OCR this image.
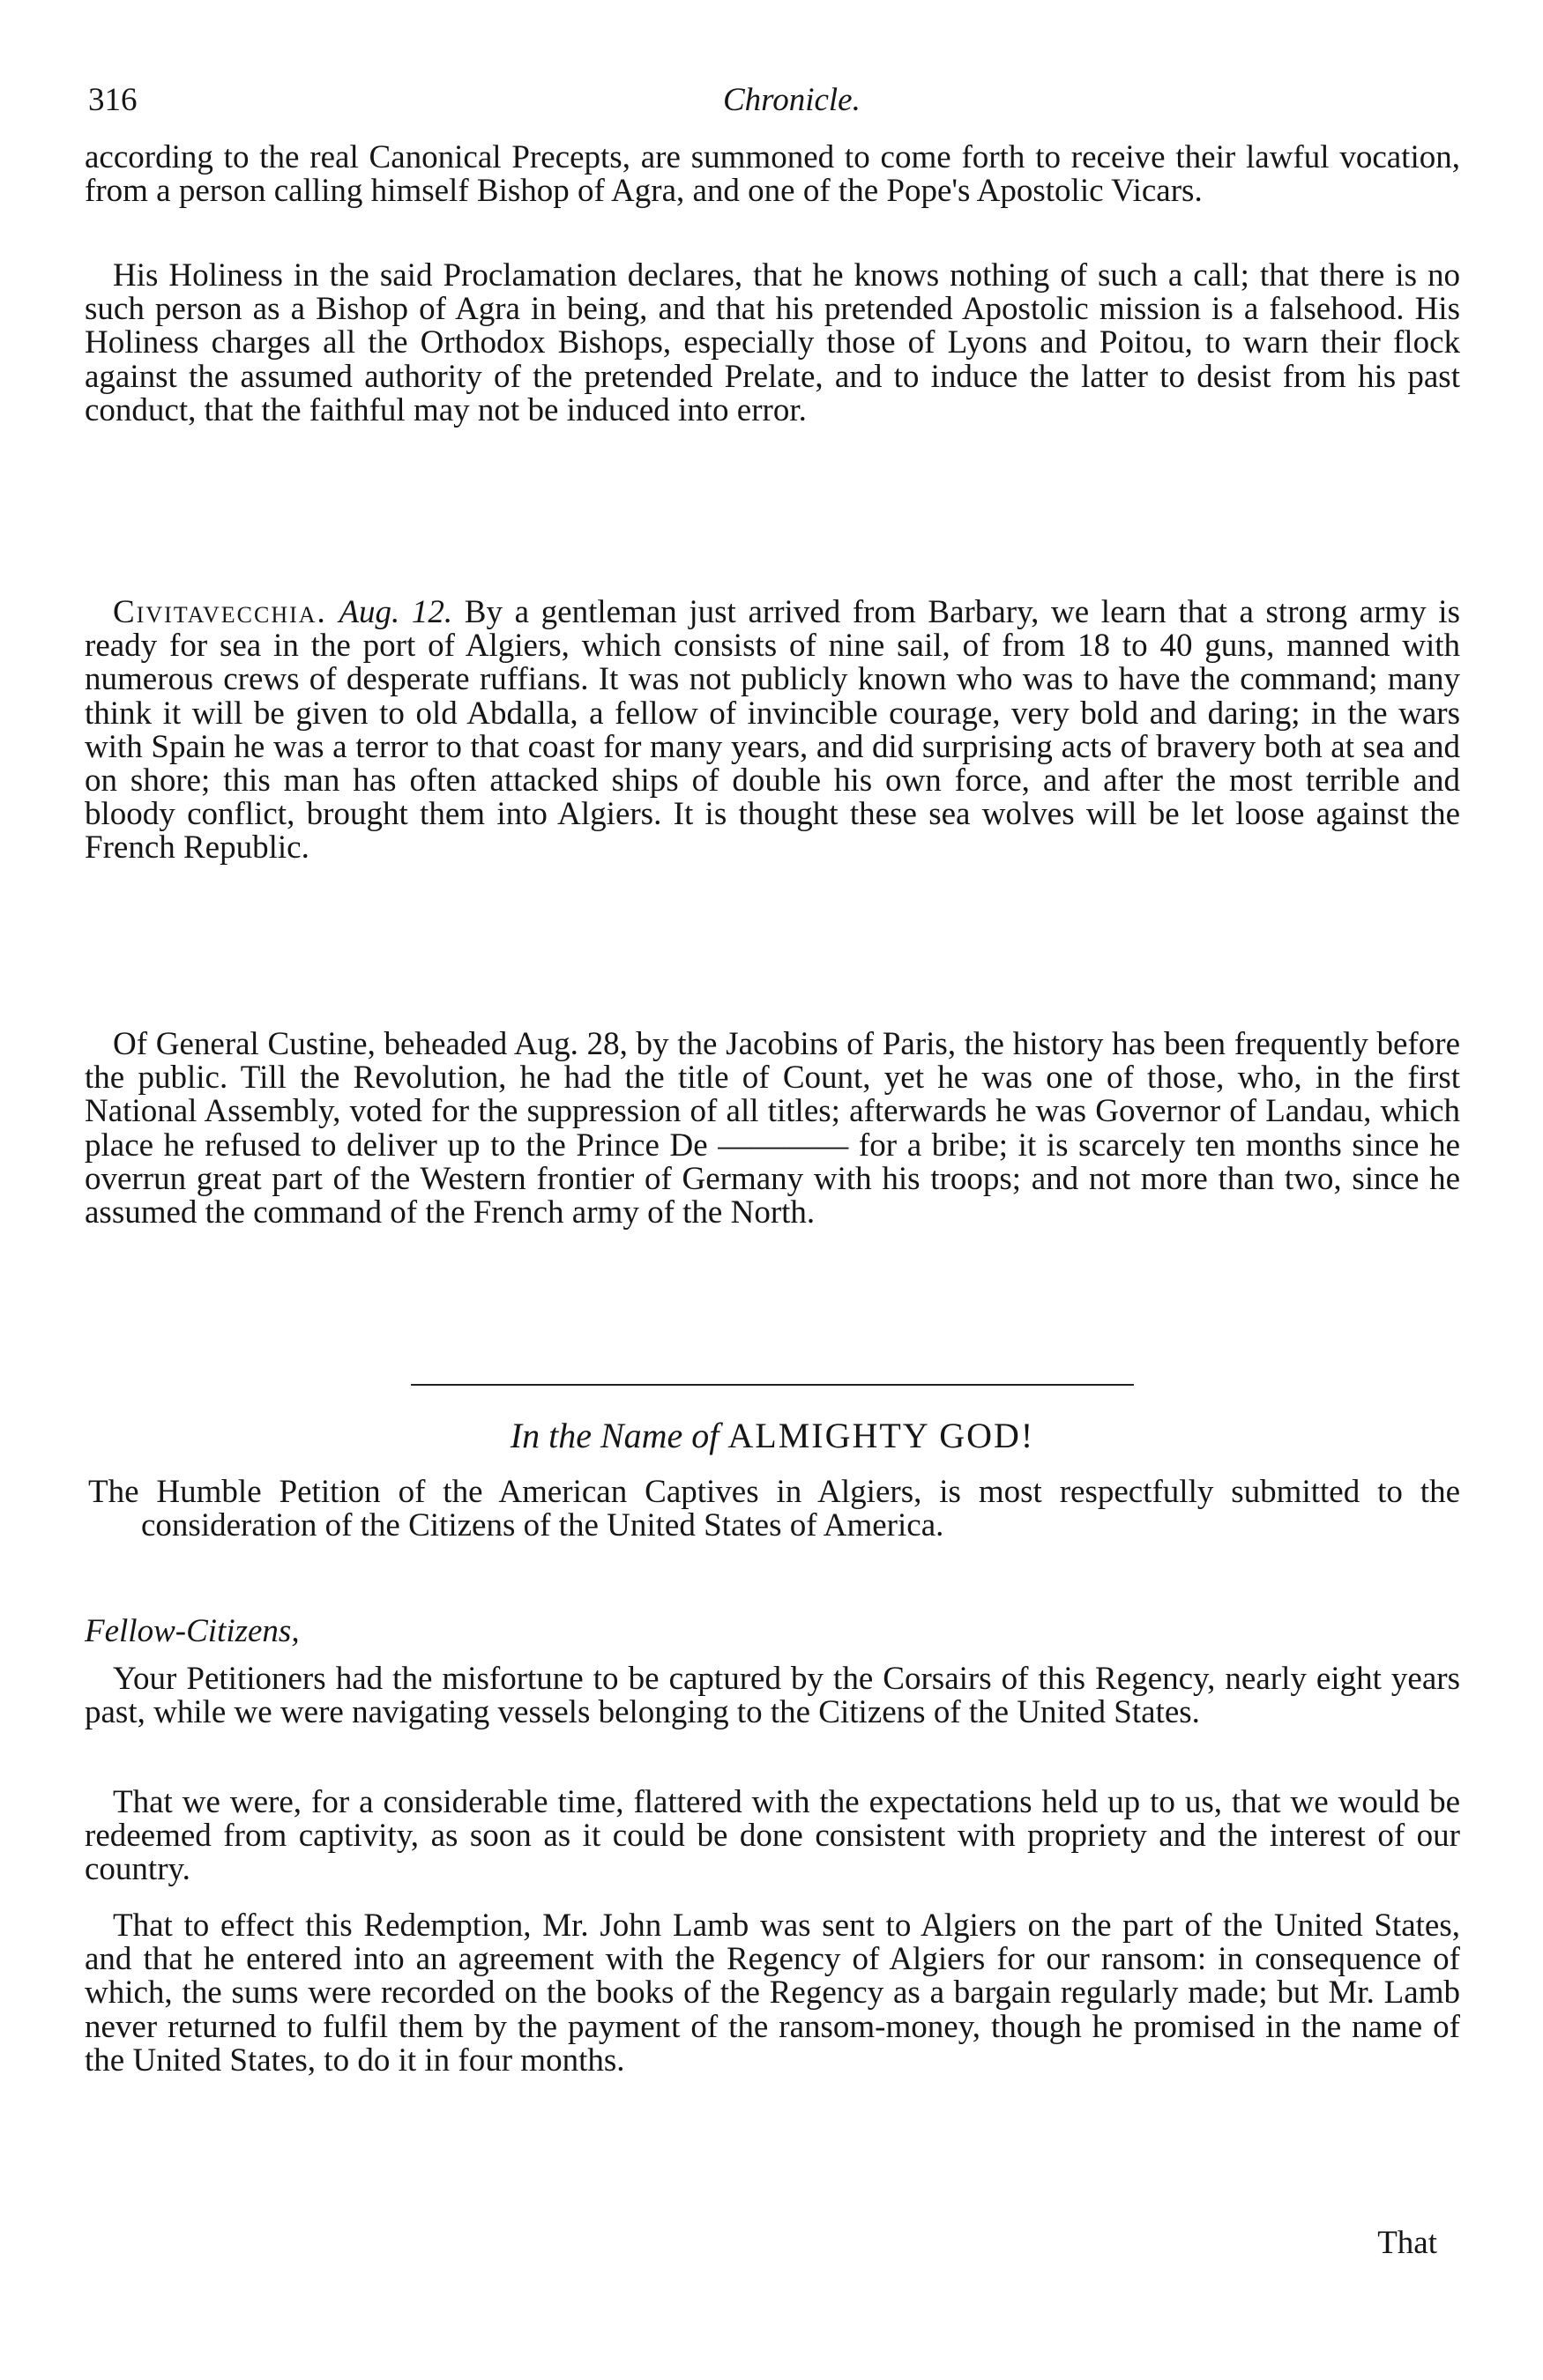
316	Chronicle.

according to the real Canonical Precepts, are summoned to come forth to receive their lawful vocation, from a person calling himself Bishop of Agra, and one of the Pope's Apostolic Vicars.

His Holiness in the said Proclamation declares, that he knows nothing of such a call; that there is no such person as a Bishop of Agra in being, and that his pretended Apostolic mission is a falsehood. His Holiness charges all the Orthodox Bishops, especially those of Lyons and Poitou, to warn their flock against the assumed authority of the pretended Prelate, and to induce the latter to desist from his past conduct, that the faithful may not be induced into error.

Civitavecchia. Aug. 12. By a gentleman just arrived from Barbary, we learn that a strong army is ready for sea in the port of Algiers, which consists of nine sail, of from 18 to 40 guns, manned with numerous crews of desperate ruffians. It was not publicly known who was to have the command; many think it will be given to old Abdalla, a fellow of invincible courage, very bold and daring; in the wars with Spain he was a terror to that coast for many years, and did surprising acts of bravery both at sea and on shore; this man has often attacked ships of double his own force, and after the most terrible and bloody conflict, brought them into Algiers. It is thought these sea wolves will be let loose against the French Republic.

Of General Custine, beheaded Aug. 28, by the Jacobins of Paris, the history has been frequently before the public. Till the Revolution, he had the title of Count, yet he was one of those, who, in the first National Assembly, voted for the suppression of all titles; afterwards he was Governor of Landau, which place he refused to deliver up to the Prince De ———— for a bribe; it is scarcely ten months since he overrun great part of the Western frontier of Germany with his troops; and not more than two, since he assumed the command of the French army of the North.

In the Name of ALMIGHTY GOD!

The Humble Petition of the American Captives in Algiers, is most respectfully submitted to the consideration of the Citizens of the United States of America.

Fellow-Citizens,

Your Petitioners had the misfortune to be captured by the Corsairs of this Regency, nearly eight years past, while we were navigating vessels belonging to the Citizens of the United States.

That we were, for a considerable time, flattered with the expectations held up to us, that we would be redeemed from captivity, as soon as it could be done consistent with propriety and the interest of our country.

That to effect this Redemption, Mr. John Lamb was sent to Algiers on the part of the United States, and that he entered into an agreement with the Regency of Algiers for our ransom: in consequence of which, the sums were recorded on the books of the Regency as a bargain regularly made; but Mr. Lamb never returned to fulfil them by the payment of the ransom-money, though he promised in the name of the United States, to do it in four months.

That
